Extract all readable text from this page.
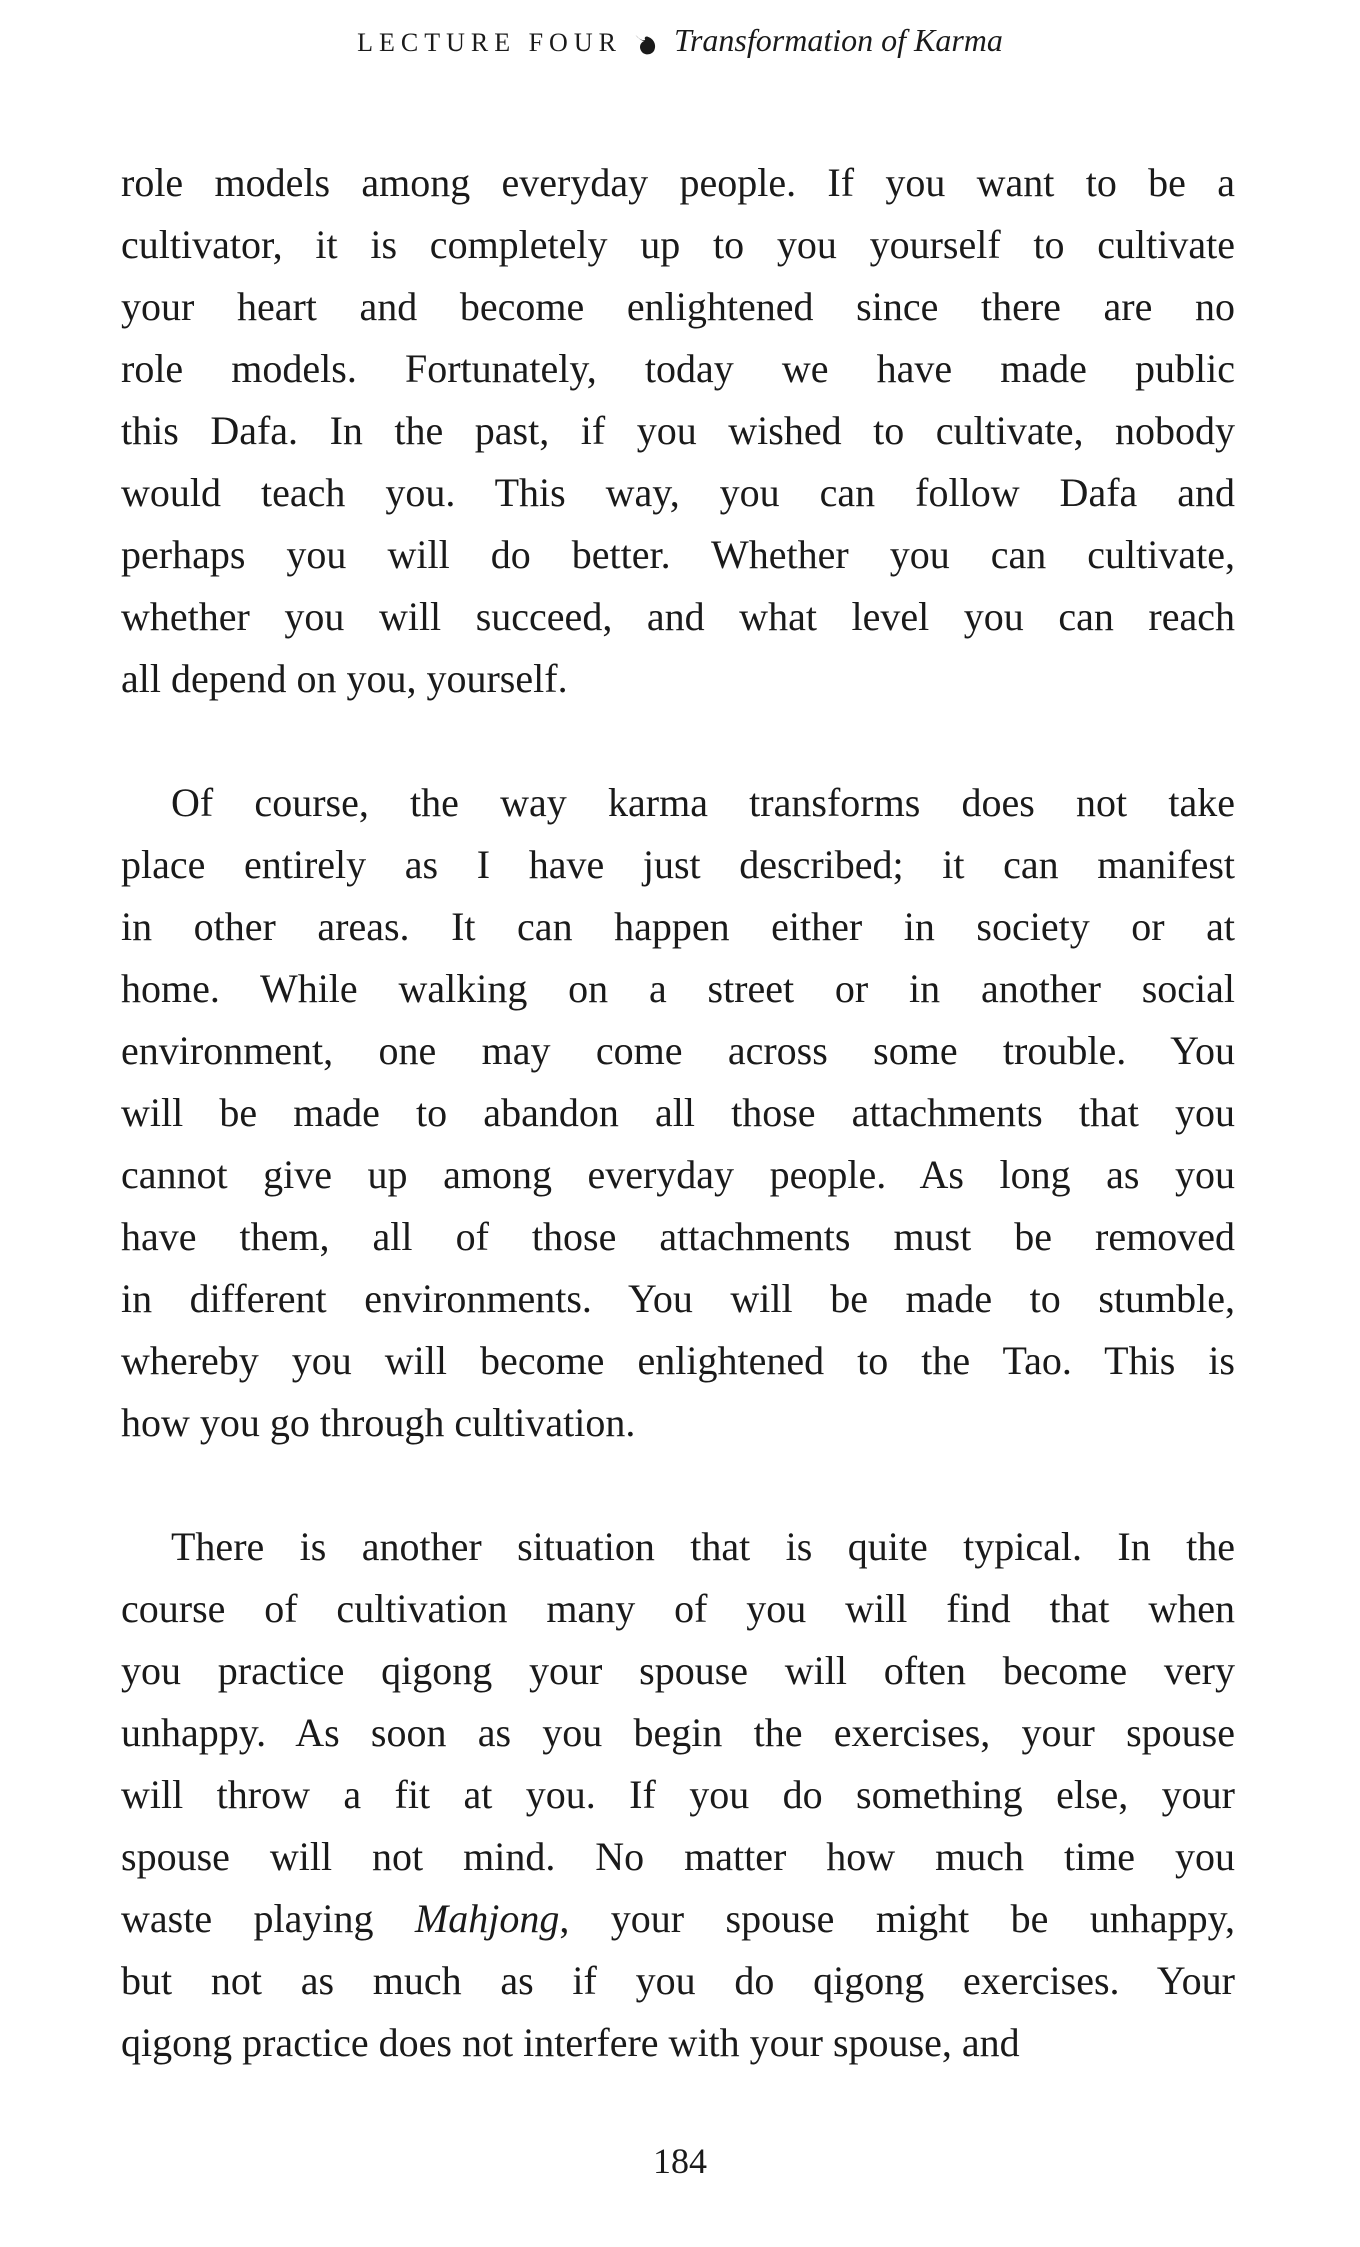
LECTURE FOUR Transformation of Karma
role models among everyday people. If you want to be a
cultivator, it is completely up to you yourself to cultivate
your heart and become enlightened since there are no
role models. Fortunately, today we have made public
this Dafa. In the past, if you wished to cultivate, nobody
would teach you. This way, you can follow Dafa and
perhaps you will do better. Whether you can cultivate,
whether you will succeed, and what level you can reach
all depend on you, yourself.
Of course, the way karma transforms does not take
place entirely as I have just described; it can manifest
in other areas. It can happen either in society or at
home. While walking on a street or in another social
environment, one may come across some trouble. You
will be made to abandon all those attachments that you
cannot give up among everyday people. As long as you
have them, all of those attachments must be removed
in different environments. You will be made to stumble,
whereby you will become enlightened to the Tao. This is
how you go through cultivation.
There is another situation that is quite typical. In the
course of cultivation many of you will find that when
you practice qigong your spouse will often become very
unhappy. As soon as you begin the exercises, your spouse
will throw a fit at you. If you do something else, your
spouse will not mind. No matter how much time you
waste playing Mahjong, your spouse might be unhappy,
but not as much as if you do qigong exercises. Your
qigong practice does not interfere with your spouse, and
184
